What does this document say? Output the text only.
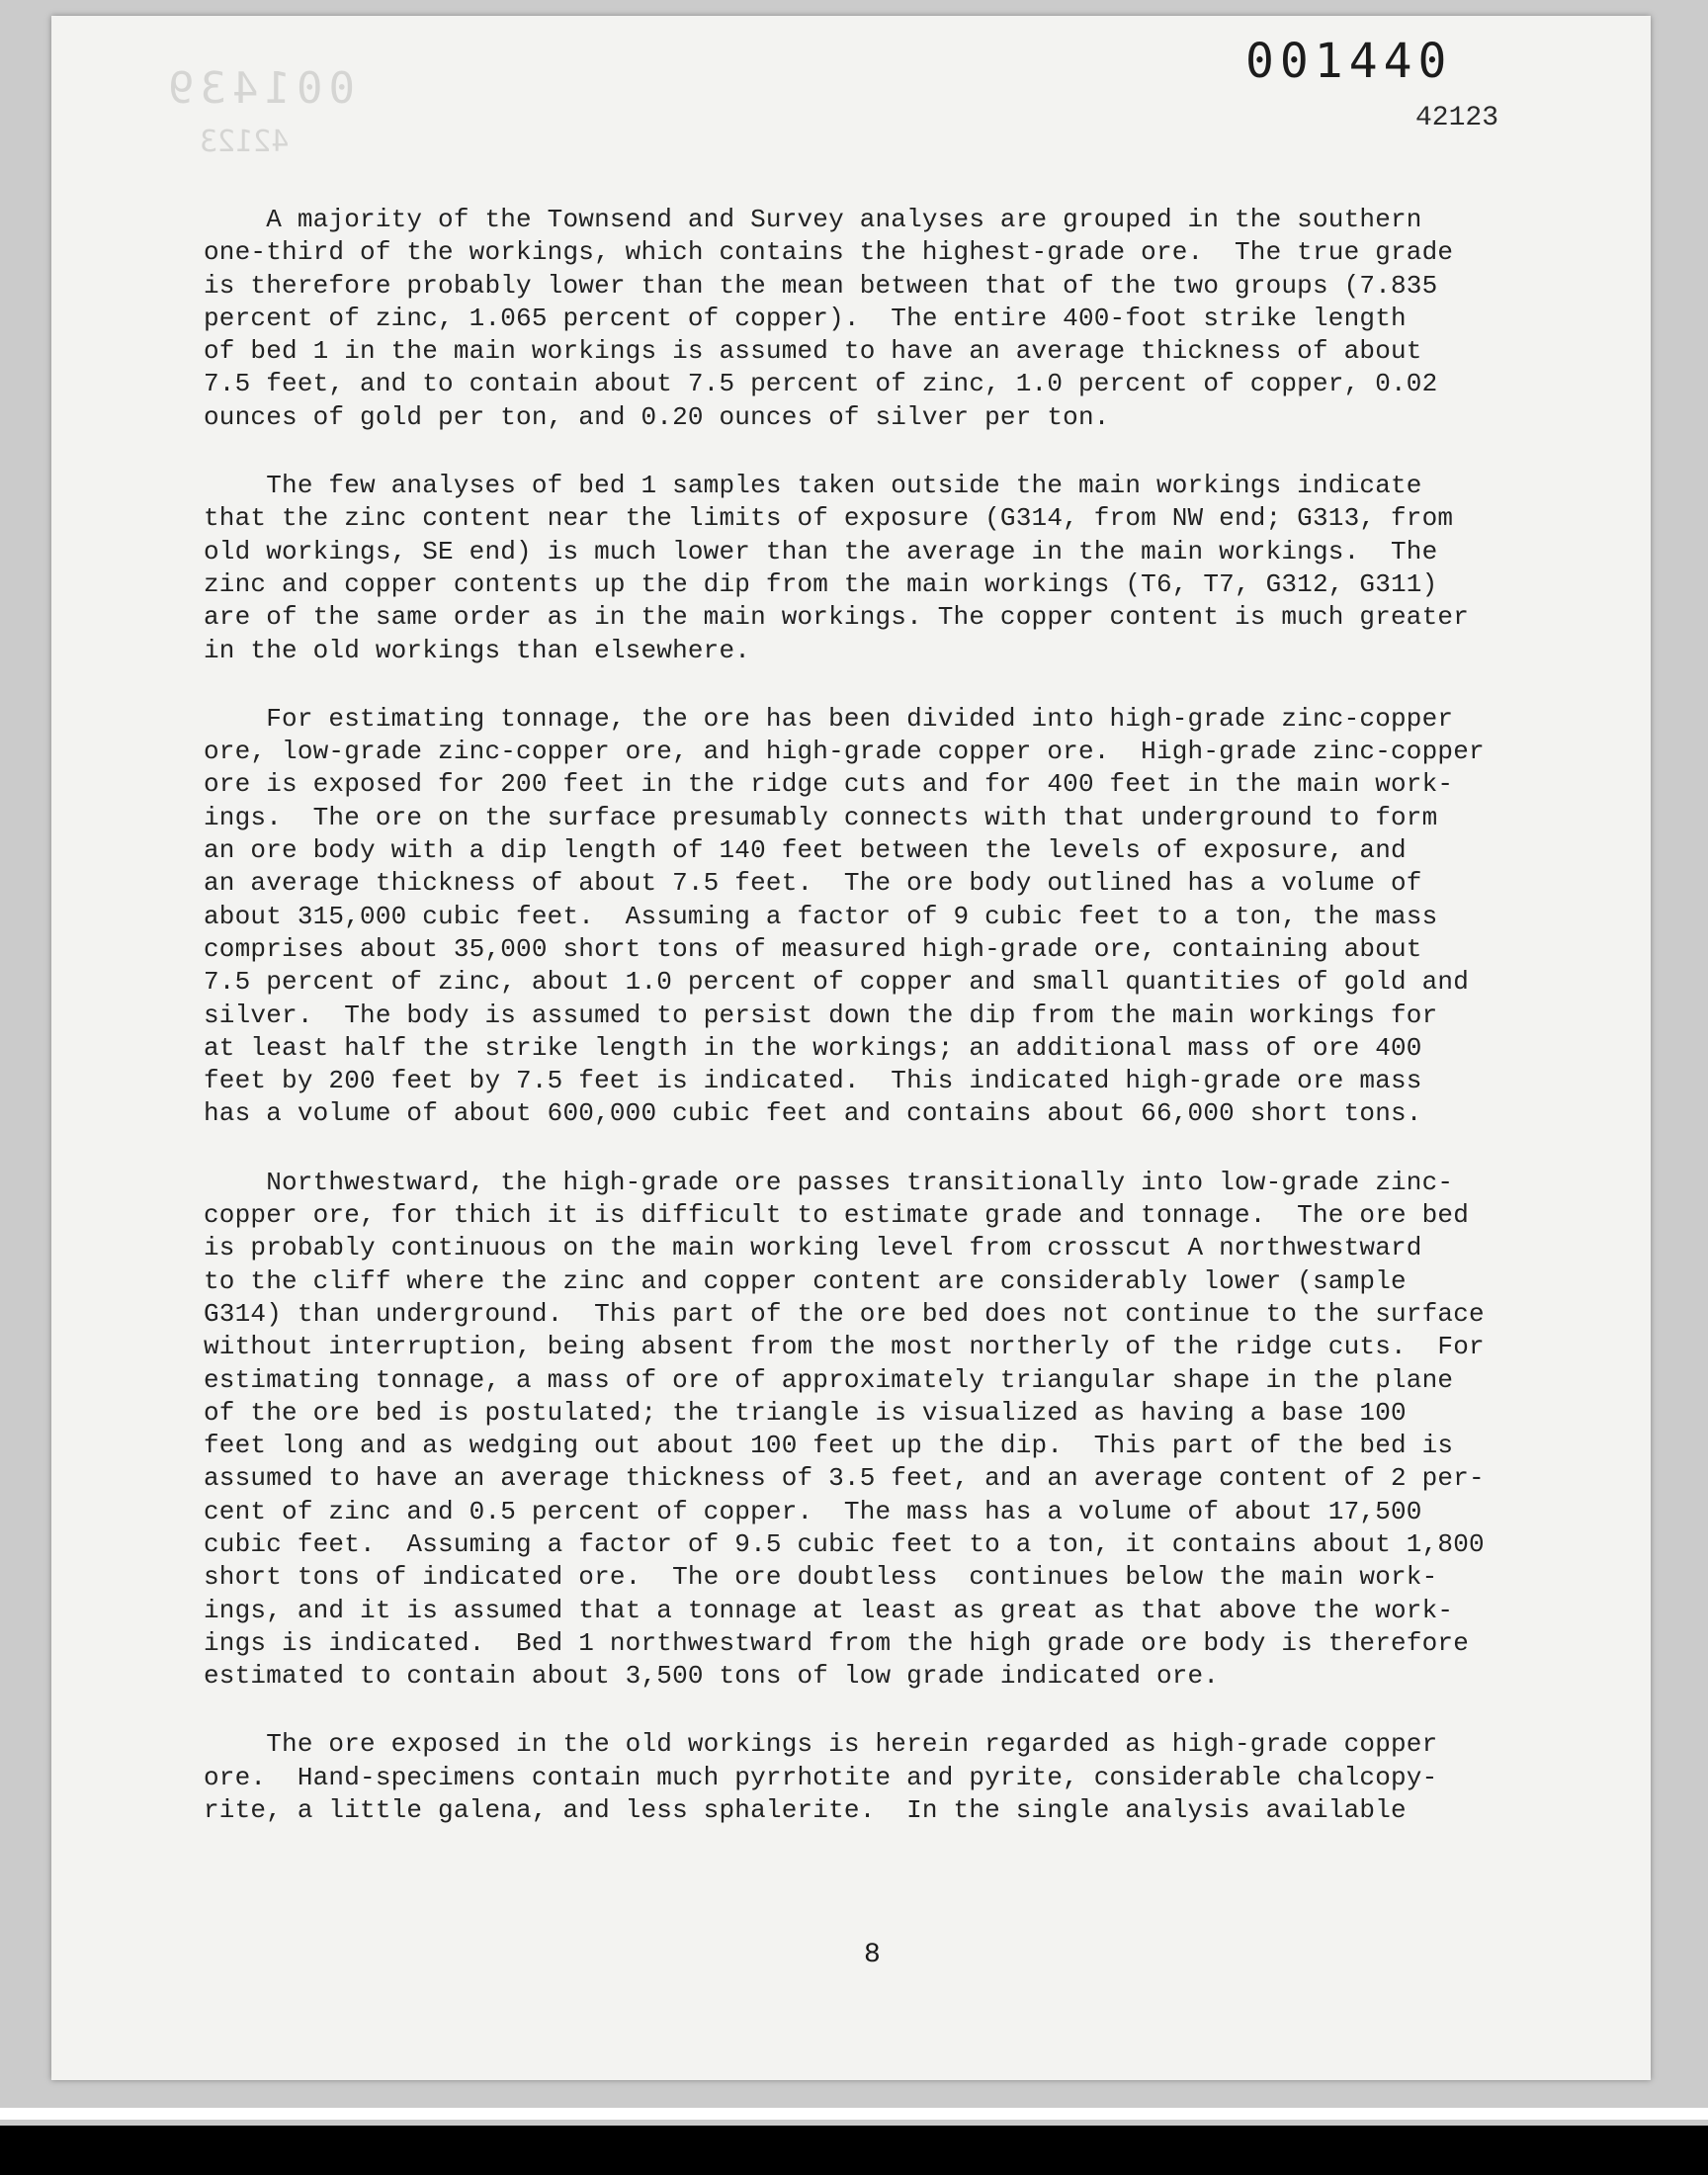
001439
42123
001440
42123
A majority of the Townsend and Survey analyses are grouped in the southern
one-third of the workings, which contains the highest-grade ore.  The true grade
is therefore probably lower than the mean between that of the two groups (7.835
percent of zinc, 1.065 percent of copper).  The entire 400-foot strike length
of bed 1 in the main workings is assumed to have an average thickness of about
7.5 feet, and to contain about 7.5 percent of zinc, 1.0 percent of copper, 0.02
ounces of gold per ton, and 0.20 ounces of silver per ton.
The few analyses of bed 1 samples taken outside the main workings indicate
that the zinc content near the limits of exposure (G314, from NW end; G313, from
old workings, SE end) is much lower than the average in the main workings.  The
zinc and copper contents up the dip from the main workings (T6, T7, G312, G311)
are of the same order as in the main workings. The copper content is much greater
in the old workings than elsewhere.
For estimating tonnage, the ore has been divided into high-grade zinc-copper
ore, low-grade zinc-copper ore, and high-grade copper ore.  High-grade zinc-copper
ore is exposed for 200 feet in the ridge cuts and for 400 feet in the main work-
ings.  The ore on the surface presumably connects with that underground to form
an ore body with a dip length of 140 feet between the levels of exposure, and
an average thickness of about 7.5 feet.  The ore body outlined has a volume of
about 315,000 cubic feet.  Assuming a factor of 9 cubic feet to a ton, the mass
comprises about 35,000 short tons of measured high-grade ore, containing about
7.5 percent of zinc, about 1.0 percent of copper and small quantities of gold and
silver.  The body is assumed to persist down the dip from the main workings for
at least half the strike length in the workings; an additional mass of ore 400
feet by 200 feet by 7.5 feet is indicated.  This indicated high-grade ore mass
has a volume of about 600,000 cubic feet and contains about 66,000 short tons.
Northwestward, the high-grade ore passes transitionally into low-grade zinc-
copper ore, for thich it is difficult to estimate grade and tonnage.  The ore bed
is probably continuous on the main working level from crosscut A northwestward
to the cliff where the zinc and copper content are considerably lower (sample
G314) than underground.  This part of the ore bed does not continue to the surface
without interruption, being absent from the most northerly of the ridge cuts.  For
estimating tonnage, a mass of ore of approximately triangular shape in the plane
of the ore bed is postulated; the triangle is visualized as having a base 100
feet long and as wedging out about 100 feet up the dip.  This part of the bed is
assumed to have an average thickness of 3.5 feet, and an average content of 2 per-
cent of zinc and 0.5 percent of copper.  The mass has a volume of about 17,500
cubic feet.  Assuming a factor of 9.5 cubic feet to a ton, it contains about 1,800
short tons of indicated ore.  The ore doubtless  continues below the main work-
ings, and it is assumed that a tonnage at least as great as that above the work-
ings is indicated.  Bed 1 northwestward from the high grade ore body is therefore
estimated to contain about 3,500 tons of low grade indicated ore.
The ore exposed in the old workings is herein regarded as high-grade copper
ore.  Hand-specimens contain much pyrrhotite and pyrite, considerable chalcopy-
rite, a little galena, and less sphalerite.  In the single analysis available
8
